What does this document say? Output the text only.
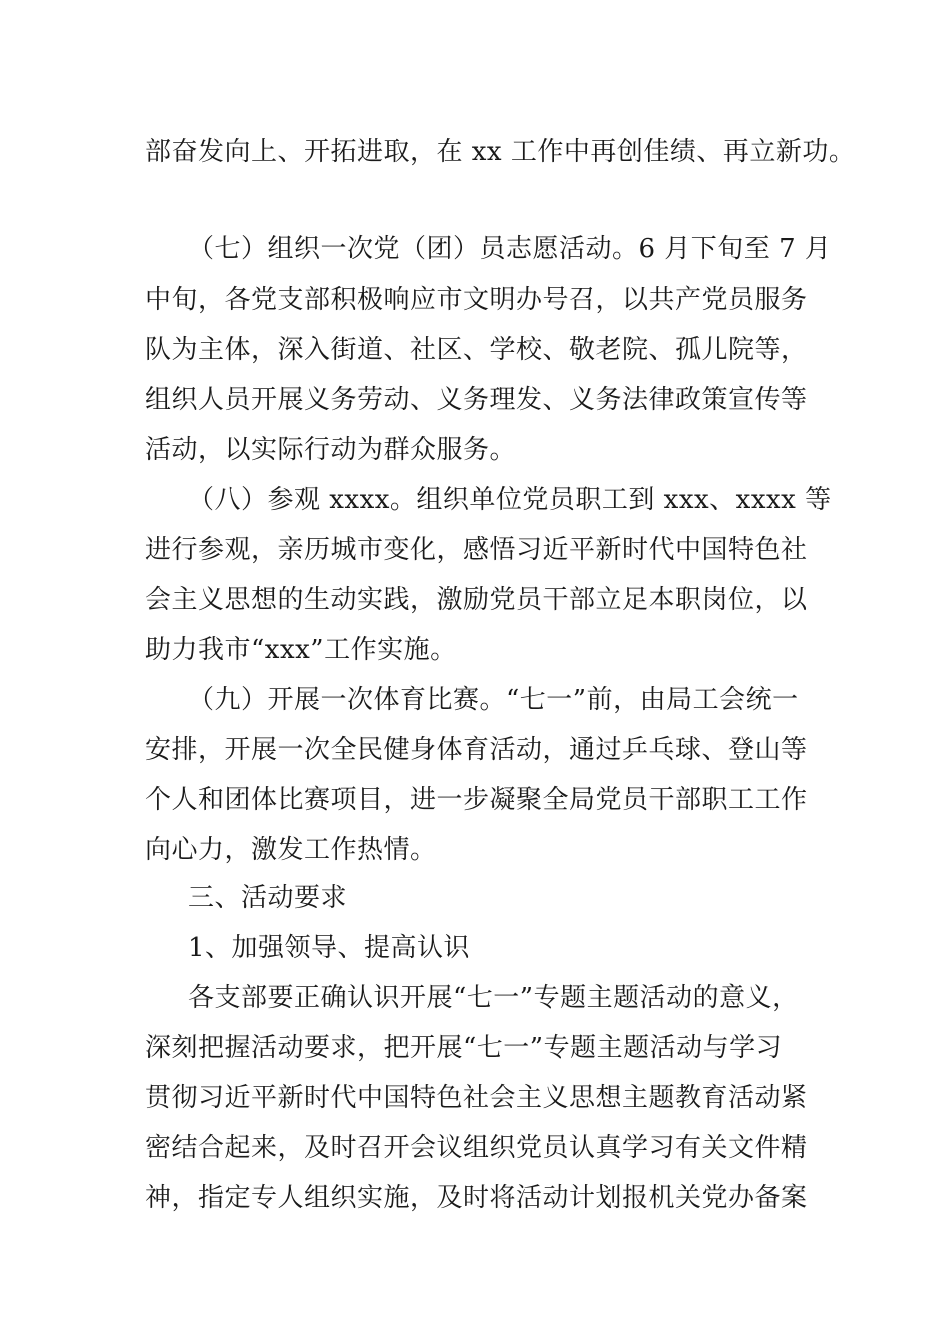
部奋发向上、开拓进取，在 xx 工作中再创佳绩、再立新功。
（七）组织一次党（团）员志愿活动。6 月下旬至 7 月
中旬，各党支部积极响应市文明办号召，以共产党员服务
队为主体，深入街道、社区、学校、敬老院、孤儿院等，
组织人员开展义务劳动、义务理发、义务法律政策宣传等
活动，以实际行动为群众服务。
（八）参观 xxxx。组织单位党员职工到 xxx、xxxx 等
进行参观，亲历城市变化，感悟习近平新时代中国特色社
会主义思想的生动实践，激励党员干部立足本职岗位，以
助力我市“xxx”工作实施。
（九）开展一次体育比赛。“七一”前，由局工会统一
安排，开展一次全民健身体育活动，通过乒乓球、登山等
个人和团体比赛项目，进一步凝聚全局党员干部职工工作
向心力，激发工作热情。
三、活动要求
1、加强领导、提高认识
各支部要正确认识开展“七一”专题主题活动的意义，
深刻把握活动要求，把开展“七一”专题主题活动与学习
贯彻习近平新时代中国特色社会主义思想主题教育活动紧
密结合起来，及时召开会议组织党员认真学习有关文件精
神，指定专人组织实施，及时将活动计划报机关党办备案
